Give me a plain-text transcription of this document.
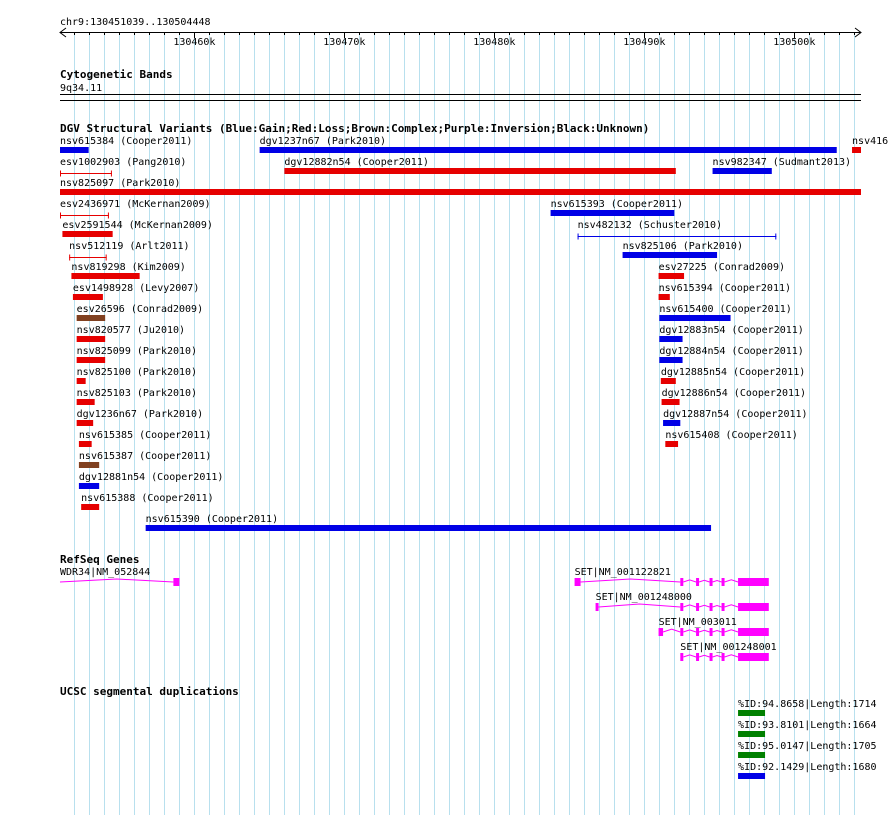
chr9:130451039..130504448
130460k	130470k	130480k	130490k	130500k
Cytogenetic Bands
9q34.11
DGV Structural Variants (Blue:Gain;Red:Loss;Brown:Complex;Purple:Inversion;Black:Unknown)
nsv615384 (Cooper2011)	dgv1237n67 (Park2010)	nsv416
esv1002903 (Pang2010)	dgv12882n54 (Cooper2011)	nsv982347 (Sudmant2013)
nsv825097 (Park2010)
esv2436971 (McKernan2009)	nsv615393 (Cooper2011)
esv2591544 (McKernan2009)	nsv482132 (Schuster2010)
nsv512119 (Arlt2011)	nsv825106 (Park2010)
nsv819298 (Kim2009)	esv27225 (Conrad2009)
esv1498928 (Levy2007)	nsv615394 (Cooper2011)
esv26596 (Conrad2009)	nsv615400 (Cooper2011)
nsv820577 (Ju2010)	dgv12883n54 (Cooper2011)
nsv825099 (Park2010)	dgv12884n54 (Cooper2011)
nsv825100 (Park2010)	dgv12885n54 (Cooper2011)
nsv825103 (Park2010)	dgv12886n54 (Cooper2011)
dgv1236n67 (Park2010)	dgv12887n54 (Cooper2011)
nsv615385 (Cooper2011)	nsv615408 (Cooper2011)
nsv615387 (Cooper2011)
dgv12881n54 (Cooper2011)
nsv615388 (Cooper2011)
nsv615390 (Cooper2011)
RefSeq Genes
WDR34|NM_052844	SET|NM_001122821
SET|NM_001248000
SET|NM_003011
SET|NM_001248001
UCSC segmental duplications
%ID:94.8658|Length:1714
%ID:93.8101|Length:1664
%ID:95.0147|Length:1705
%ID:92.1429|Length:1680
